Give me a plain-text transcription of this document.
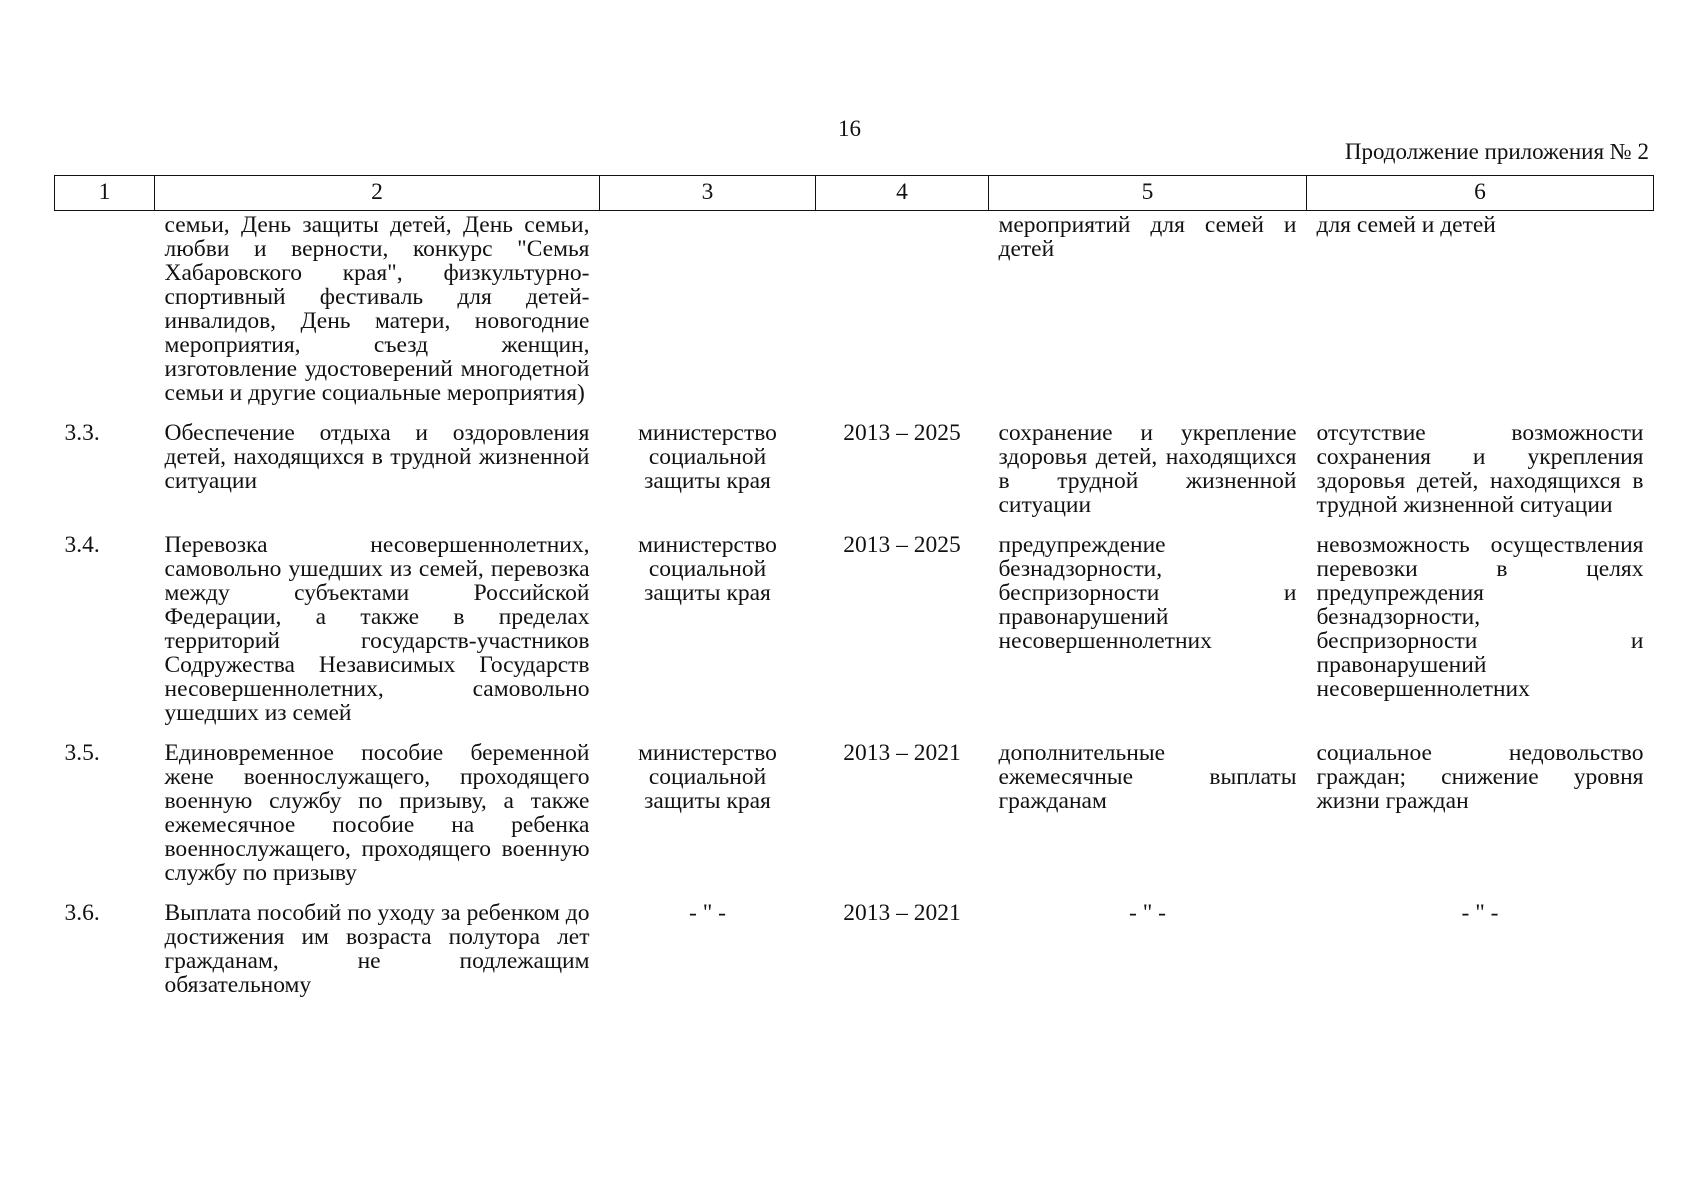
16
Продолжение приложения № 2
1	2	3	4	5	6
	семьи, День защиты детей, День семьи, любви и верности, конкурс "Семья Хабаровского края", физкультурно-спортивный фестиваль для детей-инвалидов, День матери, новогодние мероприятия, съезд женщин, изготовление удостоверений многодетной семьи и другие социальные мероприятия)			мероприятий для семей и детей	для семей и детей
3.3.	Обеспечение отдыха и оздоровления детей, находящихся в трудной жизненной ситуации	министерство социальной защиты края	2013 – 2025	сохранение и укрепление здоровья детей, находящихся в трудной жизненной ситуации	отсутствие возможности сохранения и укрепления здоровья детей, находящихся в трудной жизненной ситуации
3.4.	Перевозка несовершеннолетних, самовольно ушедших из семей, перевозка между субъектами Российской Федерации, а также в пределах территорий государств-участников Содружества Независимых Государств несовершеннолетних, самовольно ушедших из семей	министерство социальной защиты края	2013 – 2025	предупреждение безнадзорности, беспризорности и правонарушений несовершеннолетних	невозможность осуществления перевозки в целях предупреждения безнадзорности, беспризорности и правонарушений несовершеннолетних
3.5.	Единовременное пособие беременной жене военнослужащего, проходящего военную службу по призыву, а также ежемесячное пособие на ребенка военнослужащего, проходящего военную службу по призыву	министерство социальной защиты края	2013 – 2021	дополнительные ежемесячные выплаты гражданам	социальное недовольство граждан; снижение уровня жизни граждан
3.6.	Выплата пособий по уходу за ребенком до достижения им возраста полутора лет гражданам, не подлежащим обязательному	- " -	2013 – 2021	- " -	- " -
